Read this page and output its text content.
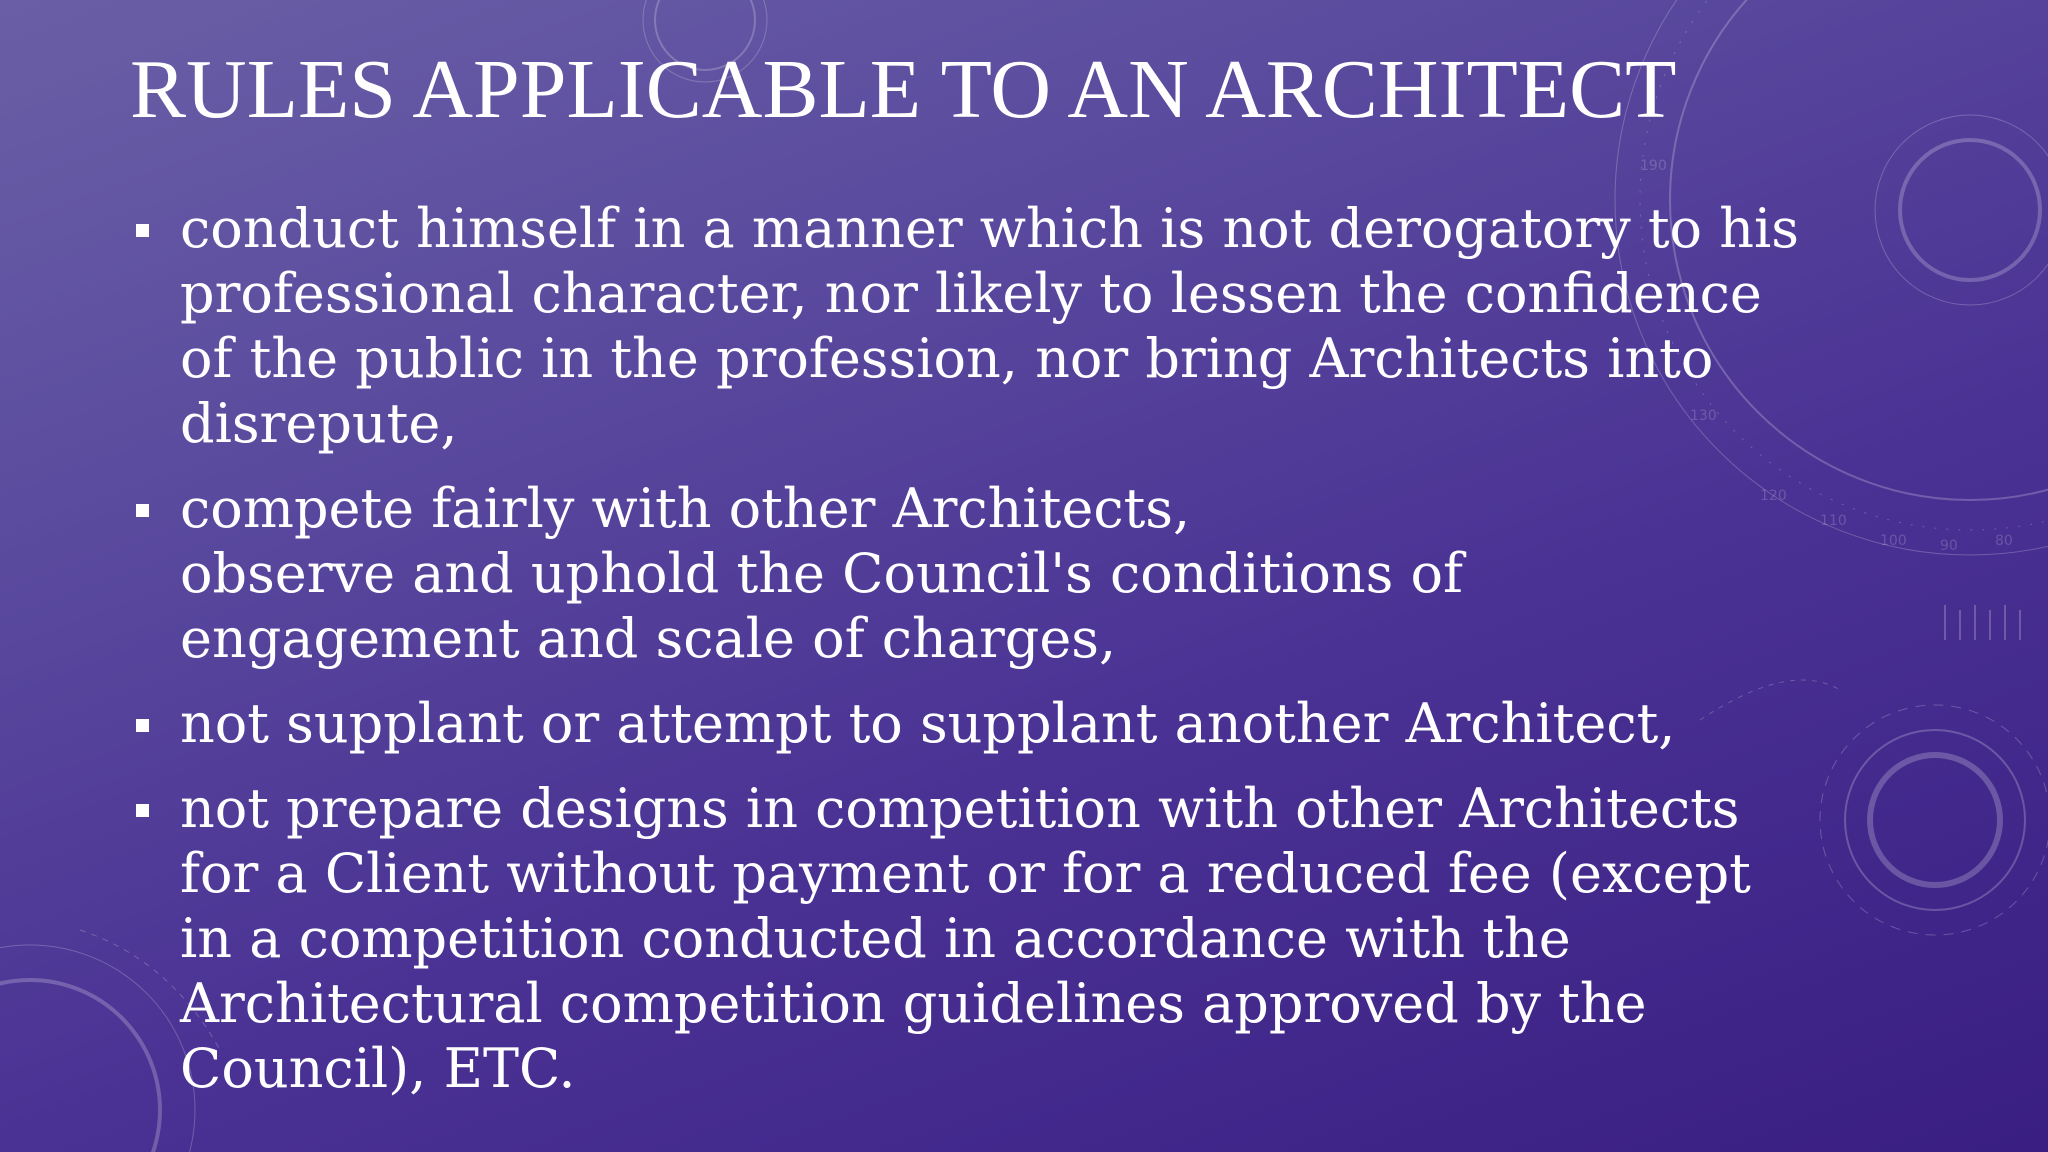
190
130
120
110
100 90	80
RULES APPLICABLE TO AN ARCHITECT
conduct himself in a manner which is not derogatory to his
professional character, nor likely to lessen the confidence
of the public in the profession, nor bring Architects into
disrepute,
compete fairly with other Architects,
observe and uphold the Council's conditions of
engagement and scale of charges,
not supplant or attempt to supplant another Architect,
not prepare designs in competition with other Architects
for a Client without payment or for a reduced fee (except
in a competition conducted in accordance with the
Architectural competition guidelines approved by the
Council), ETC.
